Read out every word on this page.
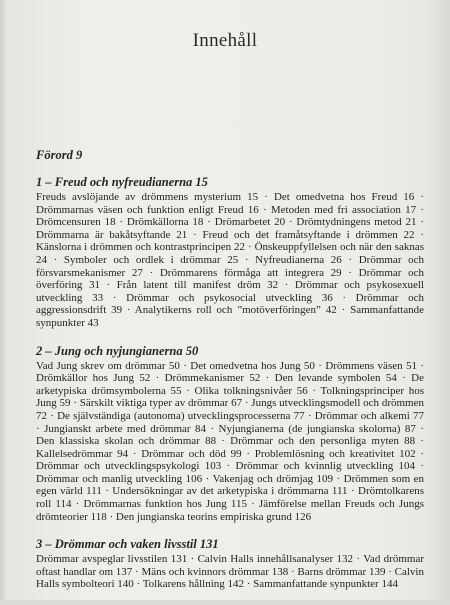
Innehåll

Förord 9

1 – Freud och nyfreudianerna 15

Freuds avslöjande av drömmens mysterium 15 · Det omedvetna hos Freud 16 · Drömmarnas väsen och funktion enligt Freud 16 · Metoden med fri association 17 · Drömcensuren 18 · Drömkällorna 18 · Drömarbetet 20 · Drömtydningens metod 21 · Drömmarna är bakåtsyftande 21 · Freud och det framåtsyftande i drömmen 22 · Känslorna i drömmen och kontrastprincipen 22 · Önskeuppfyllelsen och när den saknas 24 · Symboler och ordlek i drömmar 25 · Nyfreudianerna 26 · Drömmar och försvarsmekanismer 27 · Drömmarens förmåga att integrera 29 · Drömmar och överföring 31 · Från latent till manifest dröm 32 · Drömmar och psykosexuell utveckling 33 · Drömmar och psykosocial utveckling 36 · Drömmar och aggressionsdrift 39 · Analytikerns roll och ”motöverföringen” 42 · Sammanfattande synpunkter 43

2 – Jung och nyjungianerna 50

Vad Jung skrev om drömmar 50 · Det omedvetna hos Jung 50 · Drömmens väsen 51 · Drömkällor hos Jung 52 · Drömmekanismer 52 · Den levande symbolen 54 · De arketypiska drömsymbolerna 55 · Olika tolkningsnivåer 56 · Tolkningsprinciper hos Jung 59 · Särskilt viktiga typer av drömmar 67 · Jungs utvecklingsmodell och drömmen 72 · De självständiga (autonoma) utvecklingsprocesserna 77 · Drömmar och alkemi 77 · Jungianskt arbete med drömmar 84 · Nyjungianerna (de jungianska skolorna) 87 · Den klassiska skolan och drömmar 88 · Drömmar och den personliga myten 88 · Kallelsedrömmar 94 · Drömmar och död 99 · Problemlösning och kreativitet 102 · Drömmar och utvecklingspsykologi 103 · Drömmar och kvinnlig utveckling 104 · Drömmar och manlig utveckling 106 · Vakenjag och drömjag 109 · Drömmen som en egen värld 111 · Undersökningar av det arketypiska i drömmarna 111 · Drömtolkarens roll 114 · Drömmarnas funktion hos Jung 115 · Jämförelse mellan Freuds och Jungs drömteorier 118 · Den jungianska teorins empiriska grund 126

3 – Drömmar och vaken livsstil 131

Drömmar avspeglar livsstilen 131 · Calvin Halls innehållsanalyser 132 · Vad drömmar oftast handlar om 137 · Mäns och kvinnors drömmar 138 · Barns drömmar 139 · Calvin Halls symbolteori 140 · Tolkarens hållning 142 · Sammanfattande synpunkter 144
